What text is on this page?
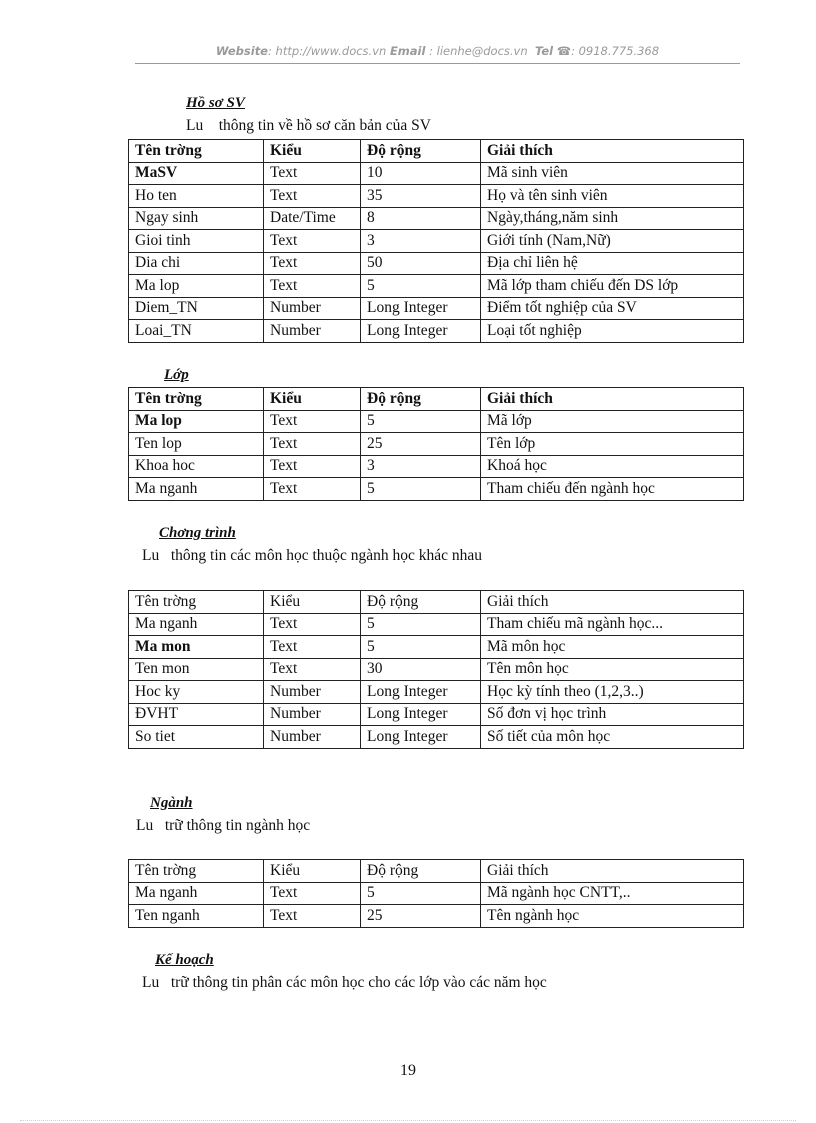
Website: http://www.docs.vn Email : lienhe@docs.vn Tel ☎: 0918.775.368
Hồ sơ SV
Lu    thông tin về hồ sơ căn bản của SV
Tên trờng	Kiểu	Độ rộng	Giải thích
MaSV	Text	10	Mã sinh viên
Ho ten	Text	35	Họ và tên sinh viên
Ngay sinh	Date/Time	8	Ngày,tháng,năm sinh
Gioi tinh	Text	3	Giới tính (Nam,Nữ)
Dia chi	Text	50	Địa chỉ liên hệ
Ma lop	Text	5	Mã lớp tham chiếu đến DS lớp
Diem_TN	Number	Long Integer	Điểm tốt nghiệp của SV
Loai_TN	Number	Long Integer	Loại tốt nghiệp
Lớp
Tên trờng	Kiểu	Độ rộng	Giải thích
Ma lop	Text	5	Mã lớp
Ten lop	Text	25	Tên lớp
Khoa hoc	Text	3	Khoá học
Ma nganh	Text	5	Tham chiếu đến ngành học
Chơng trình
Lu   thông tin các môn học thuộc ngành học khác nhau
Tên trờng	Kiểu	Độ rộng	Giải thích
Ma nganh	Text	5	Tham chiếu mã ngành học...
Ma mon	Text	5	Mã môn học
Ten mon	Text	30	Tên môn học
Hoc ky	Number	Long Integer	Học kỳ tính theo (1,2,3..)
ĐVHT	Number	Long Integer	Số đơn vị học trình
So tiet	Number	Long Integer	Số tiết của môn học
Ngành
Lu   trữ thông tin ngành học
Tên trờng	Kiểu	Độ rộng	Giải thích
Ma nganh	Text	5	Mã ngành học CNTT,..
Ten nganh	Text	25	Tên ngành học
Kế hoạch
Lu   trữ thông tin phân các môn học cho các lớp vào các năm học
19
